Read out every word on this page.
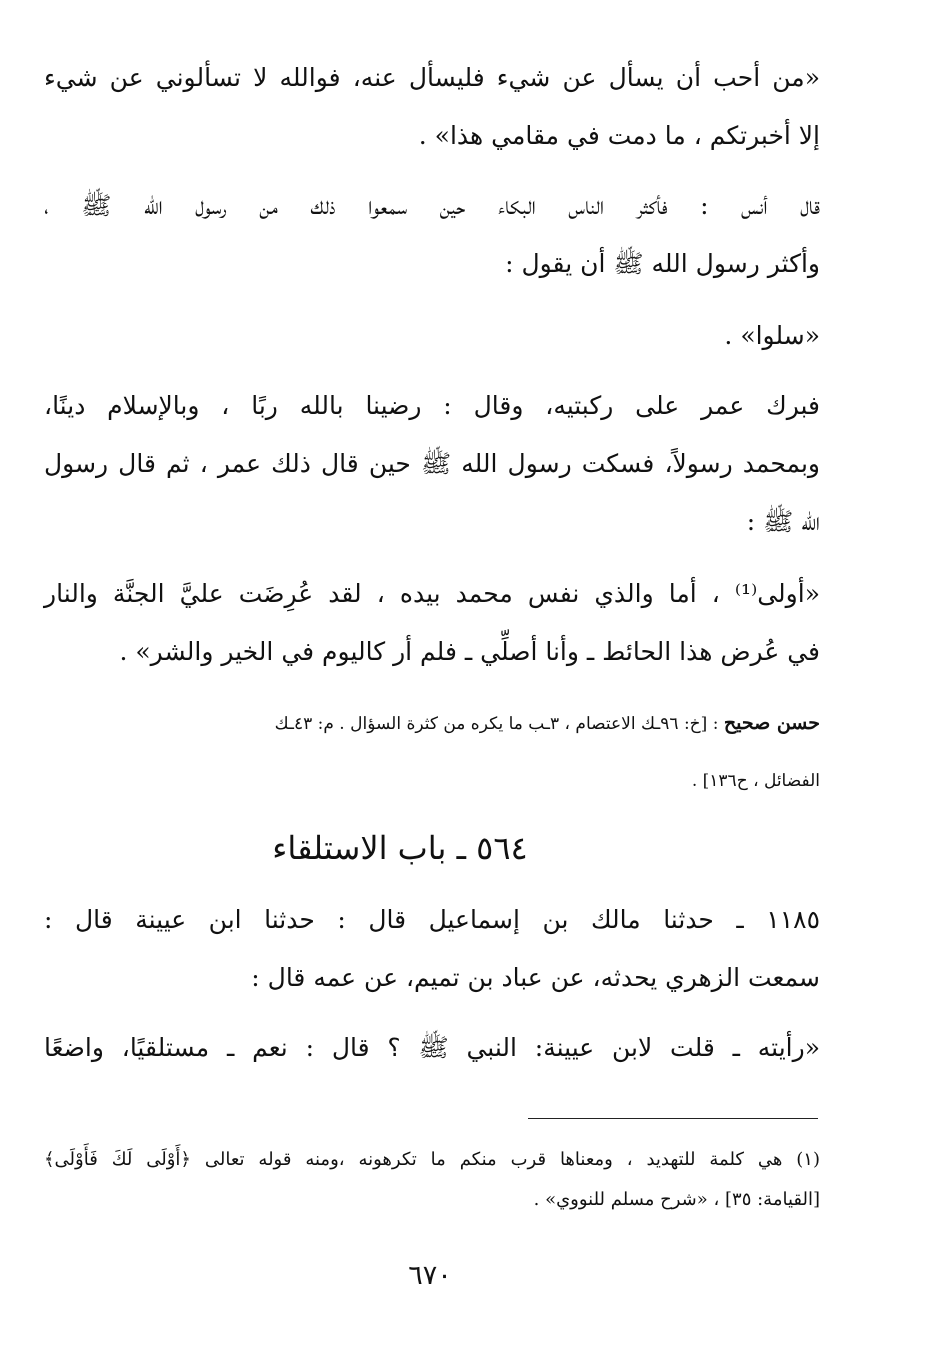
«من أحب أن يسأل عن شيء فليسأل عنه، فوالله لا تسألوني عن شيء
إلا أخبرتكم ، ما دمت في مقامي هذا» .
قال أنس : فأكثر الناس البكاء حين سمعوا ذلك من رسول الله ﷺ ،
وأكثر رسول الله ﷺ أن يقول :
«سلوا» .
فبرك عمر على ركبتيه، وقال : رضينا بالله ربًا ، وبالإسلام دينًا،
وبمحمد رسولاً، فسكت رسول الله ﷺ حين قال ذلك عمر ، ثم قال رسول
الله ﷺ :
«أولى⁽¹⁾ ، أما والذي نفس محمد بيده ، لقد عُرِضَت عليَّ الجنَّة والنار
في عُرض هذا الحائط ـ وأنا أصلِّي ـ فلم أر كاليوم في الخير والشر» .
حسن صحيح : [خ: ٩٦ـك الاعتصام ، ٣ـب ما يكره من كثرة السؤال . م: ٤٣ـك
الفضائل ، ح١٣٦] .
٥٦٤ ـ باب الاستلقاء
١١٨٥ ـ حدثنا مالك بن إسماعيل قال : حدثنا ابن عيينة قال :
سمعت الزهري يحدثه، عن عباد بن تميم، عن عمه قال :
«رأيته ـ قلت لابن عيينة: النبي ﷺ ؟ قال : نعم ـ مستلقيًا، واضعًا
(١) هي كلمة للتهديد ، ومعناها قرب منكم ما تكرهونه ،ومنه قوله تعالى ﴿أَوْلَى لَكَ فَأَوْلَى﴾
[القيامة: ٣٥] ، «شرح مسلم للنووي» .
٦٧٠
